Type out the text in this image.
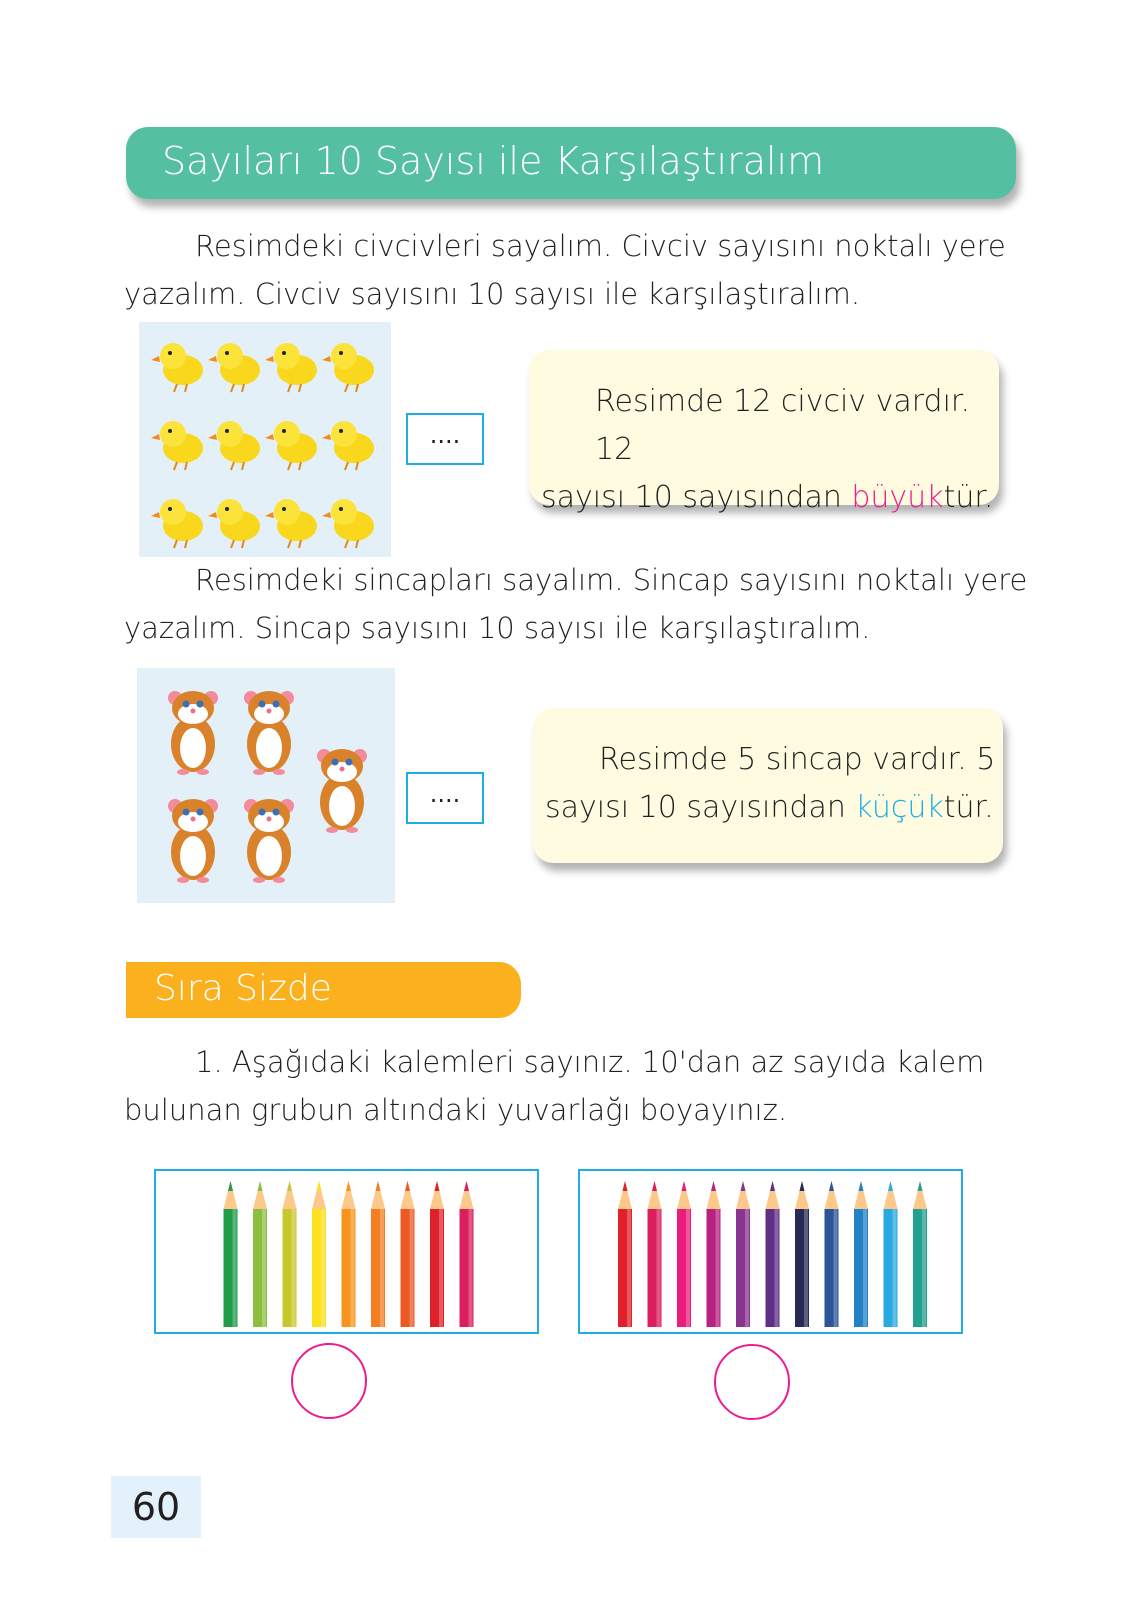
Sayıları 10 Sayısı ile Karşılaştıralım
Resimdeki civcivleri sayalım. Civciv sayısını noktalı yere
yazalım. Civciv sayısını 10 sayısı ile karşılaştıralım.
....
Resimde 12 civciv vardır. 12
sayısı 10 sayısından büyüktür.
Resimdeki sincapları sayalım. Sincap sayısını noktalı yere
yazalım. Sincap sayısını 10 sayısı ile karşılaştıralım.
....
Resimde 5 sincap vardır. 5
sayısı 10 sayısından küçüktür.
Sıra Sizde
1. Aşağıdaki kalemleri sayınız. 10'dan az sayıda kalem
bulunan grubun altındaki yuvarlağı boyayınız.
60
